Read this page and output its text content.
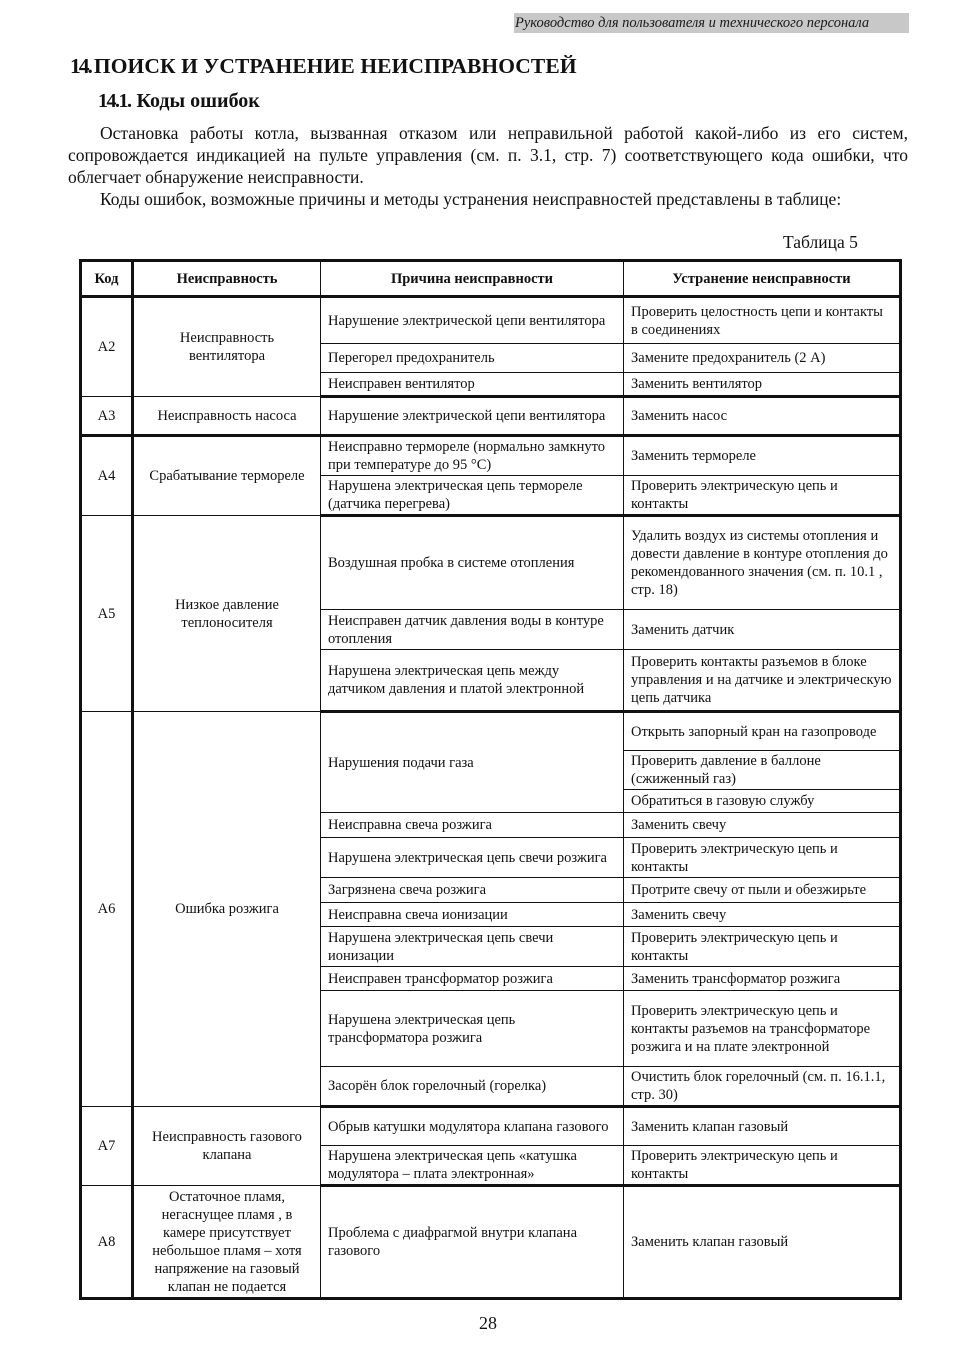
Руководство для пользователя и технического персонала
14. ПОИСК И УСТРАНЕНИЕ НЕИСПРАВНОСТЕЙ
14.1. Коды ошибок
Остановка работы котла, вызванная отказом или неправильной работой какой-либо из его систем, сопровождается индикацией на пульте управления (см. п. 3.1, стр. 7) соответствующего кода ошибки, что облегчает обнаружение неисправности.
Коды ошибок, возможные причины и методы устранения неисправностей представлены в таблице:
Таблица 5
Код	Неисправность	Причина неисправности	Устранение неисправности
А2	Неисправность вентилятора	Нарушение электрической цепи вентилятора	Проверить целостность цепи и контакты в соединениях
		Перегорел предохранитель	Замените предохранитель (2 А)
		Неисправен вентилятор	Заменить вентилятор
А3	Неисправность насоса	Нарушение электрической цепи вентилятора	Заменить насос
А4	Срабатывание термореле	Неисправно термореле (нормально замкнуто при температуре до 95 °С)	Заменить термореле
		Нарушена электрическая цепь термореле (датчика перегрева)	Проверить электрическую цепь и контакты
А5	Низкое давление теплоносителя	Воздушная пробка в системе отопления	Удалить воздух из системы отопления и довести давление в контуре отопления до рекомендованного значения (см. п. 10.1 , стр. 18)
		Неисправен датчик давления воды в контуре отопления	Заменить датчик
		Нарушена электрическая цепь между датчиком давления и платой электронной	Проверить контакты разъемов в блоке управления и на датчике и электрическую цепь датчика
А6	Ошибка розжига	Нарушения подачи газа	Открыть запорный кран на газопроводе
			Проверить давление в баллоне (сжиженный газ)
			Обратиться в газовую службу
		Неисправна свеча розжига	Заменить свечу
		Нарушена электрическая цепь свечи розжига	Проверить электрическую цепь и контакты
		Загрязнена свеча розжига	Протрите свечу от пыли и обезжирьте
		Неисправна свеча ионизации	Заменить свечу
		Нарушена электрическая цепь свечи ионизации	Проверить электрическую цепь и контакты
		Неисправен трансформатор розжига	Заменить трансформатор розжига
		Нарушена электрическая цепь трансформатора розжига	Проверить электрическую цепь и контакты разъемов на трансформаторе розжига и на плате электронной
		Засорён блок горелочный (горелка)	Очистить блок горелочный (см. п. 16.1.1, стр. 30)
А7	Неисправность газового клапана	Обрыв катушки модулятора клапана газового	Заменить клапан газовый
		Нарушена электрическая цепь «катушка модулятора – плата электронная»	Проверить электрическую цепь и контакты
А8	Остаточное пламя, негаснущее пламя , в камере присутствует небольшое пламя – хотя напряжение на газовый клапан не подается	Проблема с диафрагмой внутри клапана газового	Заменить клапан газовый
28
